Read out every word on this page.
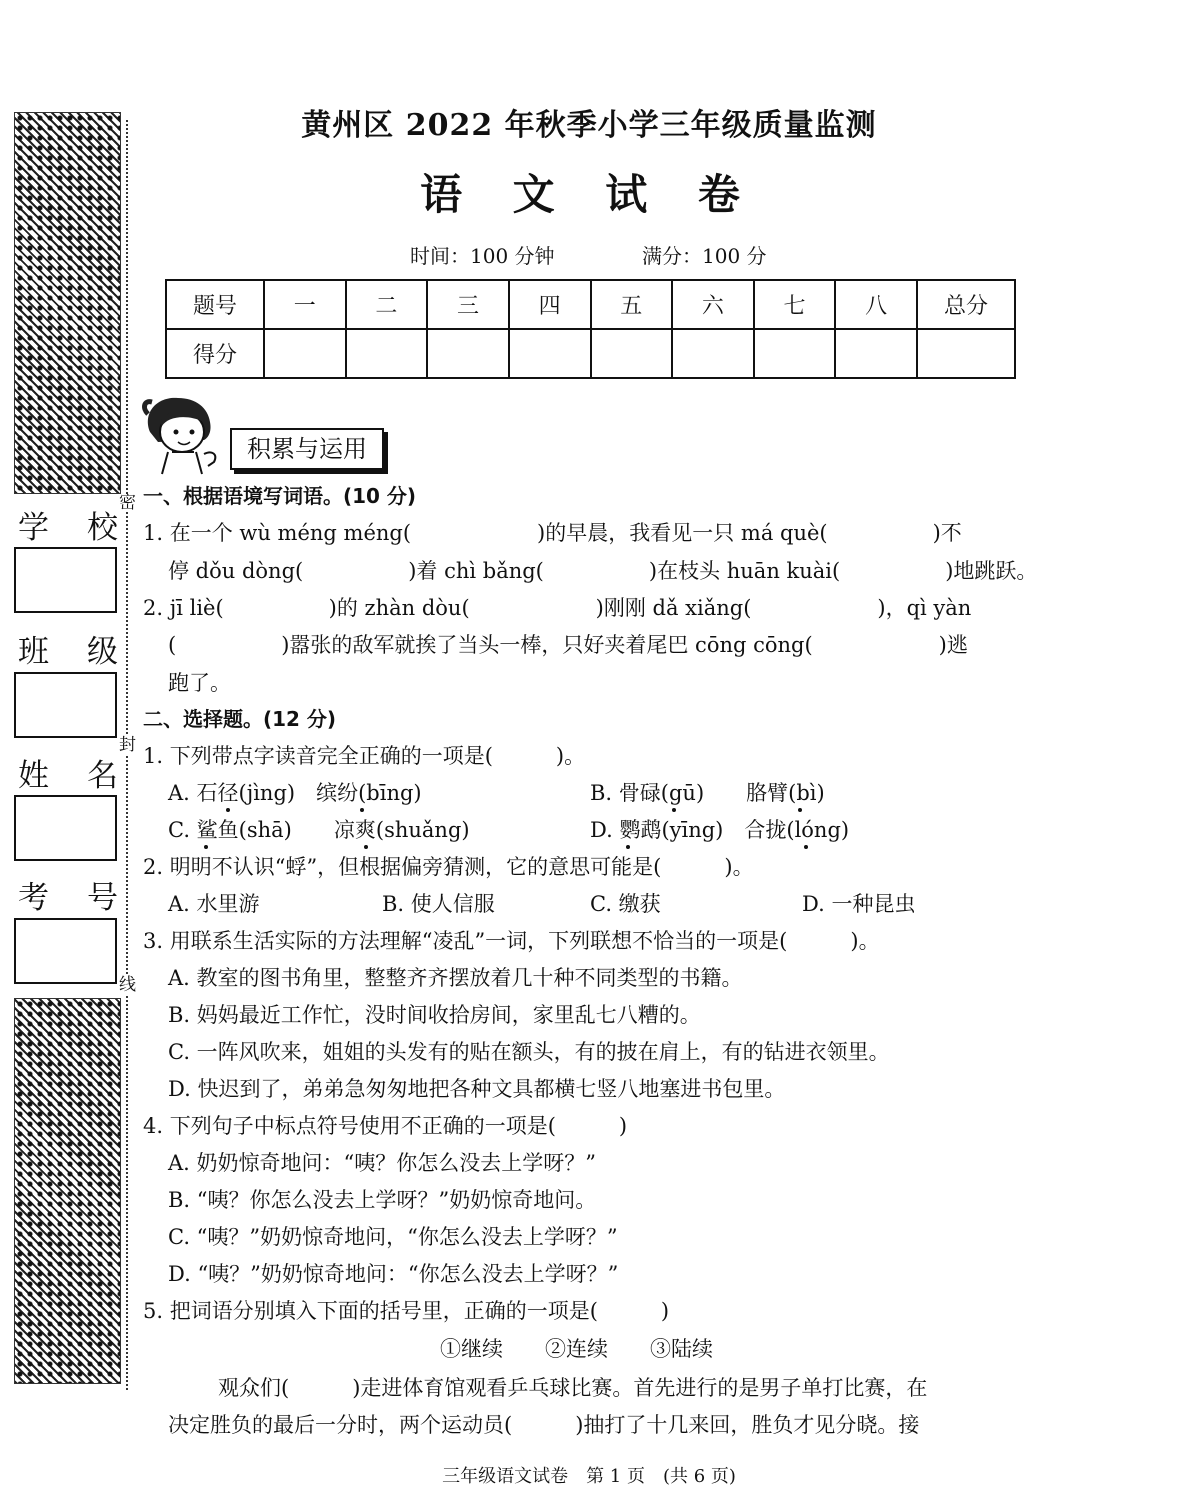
密
封
线
学 校
班 级
姓 名
考 号
黄州区 2022 年秋季小学三年级质量监测
语 文 试 卷
时间：100 分钟	满分：100 分
题号	一	二	三	四	五	六	七	八	总分
得分									
积累与运用
一、根据语境写词语。(10 分)
1. 在一个 wù méng méng(　　　　　　)的早晨，我看见一只 má què(　　　　　)不
停 dǒu dòng(　　　　　)着 chì bǎng(　　　　　)在枝头 huān kuài(　　　　　)地跳跃。
2. jī liè(　　　　　)的 zhàn dòu(　　　　　　)刚刚 dǎ xiǎng(　　　　　　)，qì yàn
(　　　　　)嚣张的敌军就挨了当头一棒，只好夹着尾巴 cōng cōng(　　　　　　)逃
跑了。
二、选择题。(12 分)
1. 下列带点字读音完全正确的一项是(　　　)。
A. 石径(jìng)　缤纷(bīng)	B. 骨碌(gū)　　胳臂(bì)
C. 鲨鱼(shā)　　凉爽(shuǎng)	D. 鹦鹉(yīng)　合拢(lóng)
2. 明明不认识“蜉”，但根据偏旁猜测，它的意思可能是(　　　)。
A. 水里游	B. 使人信服	C. 缴获	D. 一种昆虫
3. 用联系生活实际的方法理解“凌乱”一词，下列联想不恰当的一项是(　　　)。
A. 教室的图书角里，整整齐齐摆放着几十种不同类型的书籍。
B. 妈妈最近工作忙，没时间收拾房间，家里乱七八糟的。
C. 一阵风吹来，姐姐的头发有的贴在额头，有的披在肩上，有的钻进衣领里。
D. 快迟到了，弟弟急匆匆地把各种文具都横七竖八地塞进书包里。
4. 下列句子中标点符号使用不正确的一项是(　　　)
A. 奶奶惊奇地问：“咦？你怎么没去上学呀？”
B. “咦？你怎么没去上学呀？”奶奶惊奇地问。
C. “咦？”奶奶惊奇地问，“你怎么没去上学呀？”
D. “咦？”奶奶惊奇地问：“你怎么没去上学呀？”
5. 把词语分别填入下面的括号里，正确的一项是(　　　)
①继续　　②连续　　③陆续
观众们(　　　)走进体育馆观看乒乓球比赛。首先进行的是男子单打比赛，在
决定胜负的最后一分时，两个运动员(　　　)抽打了十几来回，胜负才见分晓。接
三年级语文试卷　第 1 页　(共 6 页)
